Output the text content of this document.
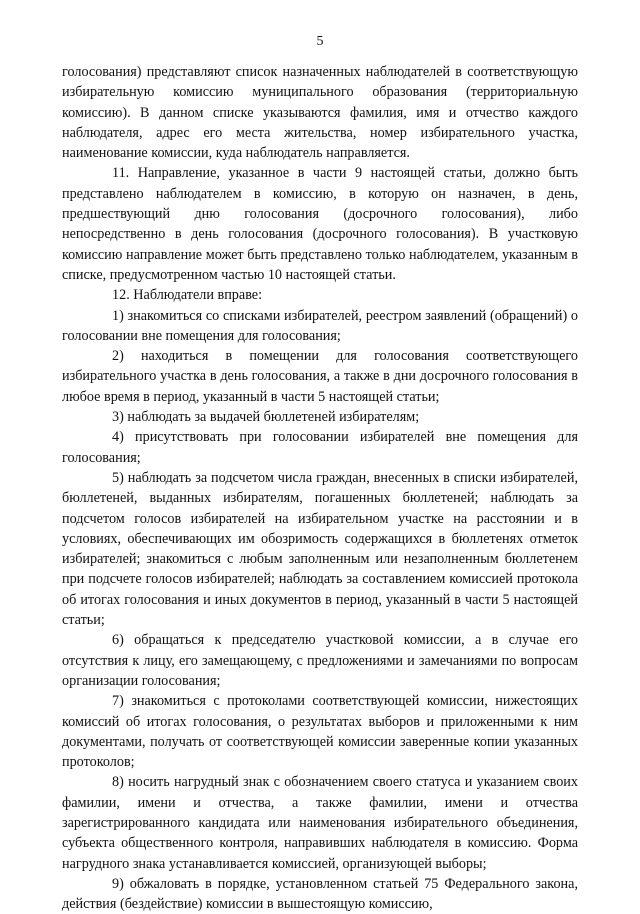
5

голосования) представляют список назначенных наблюдателей в соответствующую избирательную комиссию муниципального образования (территориальную комиссию). В данном списке указываются фамилия, имя и отчество каждого наблюдателя, адрес его места жительства, номер избирательного участка, наименование комиссии, куда наблюдатель направляется.

11. Направление, указанное в части 9 настоящей статьи, должно быть представлено наблюдателем в комиссию, в которую он назначен, в день, предшествующий дню голосования (досрочного голосования), либо непосредственно в день голосования (досрочного голосования). В участковую комиссию направление может быть представлено только наблюдателем, указанным в списке, предусмотренном частью 10 настоящей статьи.

12. Наблюдатели вправе:

1) знакомиться со списками избирателей, реестром заявлений (обращений) о голосовании вне помещения для голосования;

2) находиться в помещении для голосования соответствующего избирательного участка в день голосования, а также в дни досрочного голосования в любое время в период, указанный в части 5 настоящей статьи;

3) наблюдать за выдачей бюллетеней избирателям;

4) присутствовать при голосовании избирателей вне помещения для голосования;

5) наблюдать за подсчетом числа граждан, внесенных в списки избирателей, бюллетеней, выданных избирателям, погашенных бюллетеней; наблюдать за подсчетом голосов избирателей на избирательном участке на расстоянии и в условиях, обеспечивающих им обозримость содержащихся в бюллетенях отметок избирателей; знакомиться с любым заполненным или незаполненным бюллетенем при подсчете голосов избирателей; наблюдать за составлением комиссией протокола об итогах голосования и иных документов в период, указанный в части 5 настоящей статьи;

6) обращаться к председателю участковой комиссии, а в случае его отсутствия к лицу, его замещающему, с предложениями и замечаниями по вопросам организации голосования;

7) знакомиться с протоколами соответствующей комиссии, нижестоящих комиссий об итогах голосования, о результатах выборов и приложенными к ним документами, получать от соответствующей комиссии заверенные копии указанных протоколов;

8) носить нагрудный знак с обозначением своего статуса и указанием своих фамилии, имени и отчества, а также фамилии, имени и отчества зарегистрированного кандидата или наименования избирательного объединения, субъекта общественного контроля, направивших наблюдателя в комиссию. Форма нагрудного знака устанавливается комиссией, организующей выборы;

9) обжаловать в порядке, установленном статьей 75 Федерального закона, действия (бездействие) комиссии в вышестоящую комиссию,
